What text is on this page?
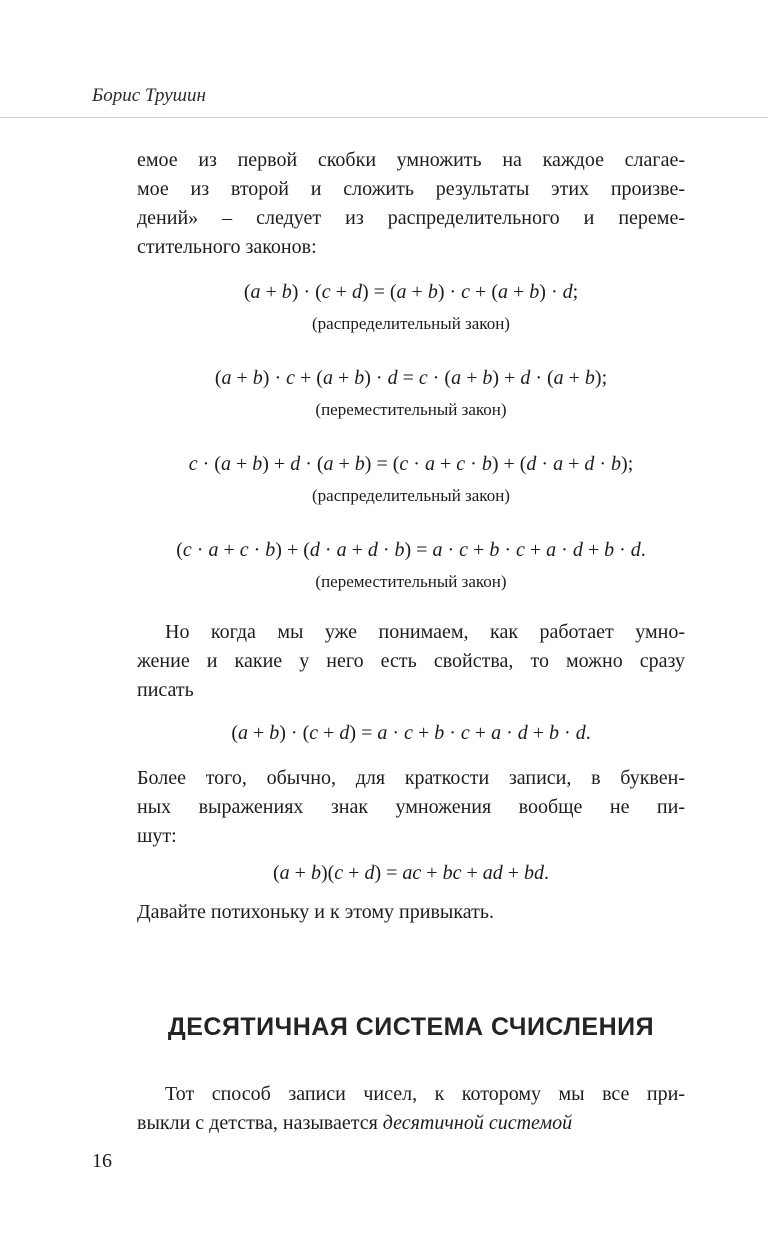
Борис Трушин
емое из первой скобки умножить на каждое слагае-
мое из второй и сложить результаты этих произве-
дений» – следует из распределительного и переме-
стительного законов:
(a + b) · (c + d) = (a + b) · c + (a + b) · d;
(распределительный закон)
(a + b) · c + (a + b) · d = c · (a + b) + d · (a + b);
(переместительный закон)
c · (a + b) + d · (a + b) = (c · a + c · b) + (d · a + d · b);
(распределительный закон)
(c · a + c · b) + (d · a + d · b) = a · c + b · c + a · d + b · d.
(переместительный закон)
Но когда мы уже понимаем, как работает умно-
жение и какие у него есть свойства, то можно сразу
писать
(a + b) · (c + d) = a · c + b · c + a · d + b · d.
Более того, обычно, для краткости записи, в буквен-
ных выражениях знак умножения вообще не пи-
шут:
(a + b)(c + d) = ac + bc + ad + bd.
Давайте потихоньку и к этому привыкать.
ДЕСЯТИЧНАЯ СИСТЕМА СЧИСЛЕНИЯ
Тот способ записи чисел, к которому мы все при-
выкли с детства, называется десятичной системой
16
